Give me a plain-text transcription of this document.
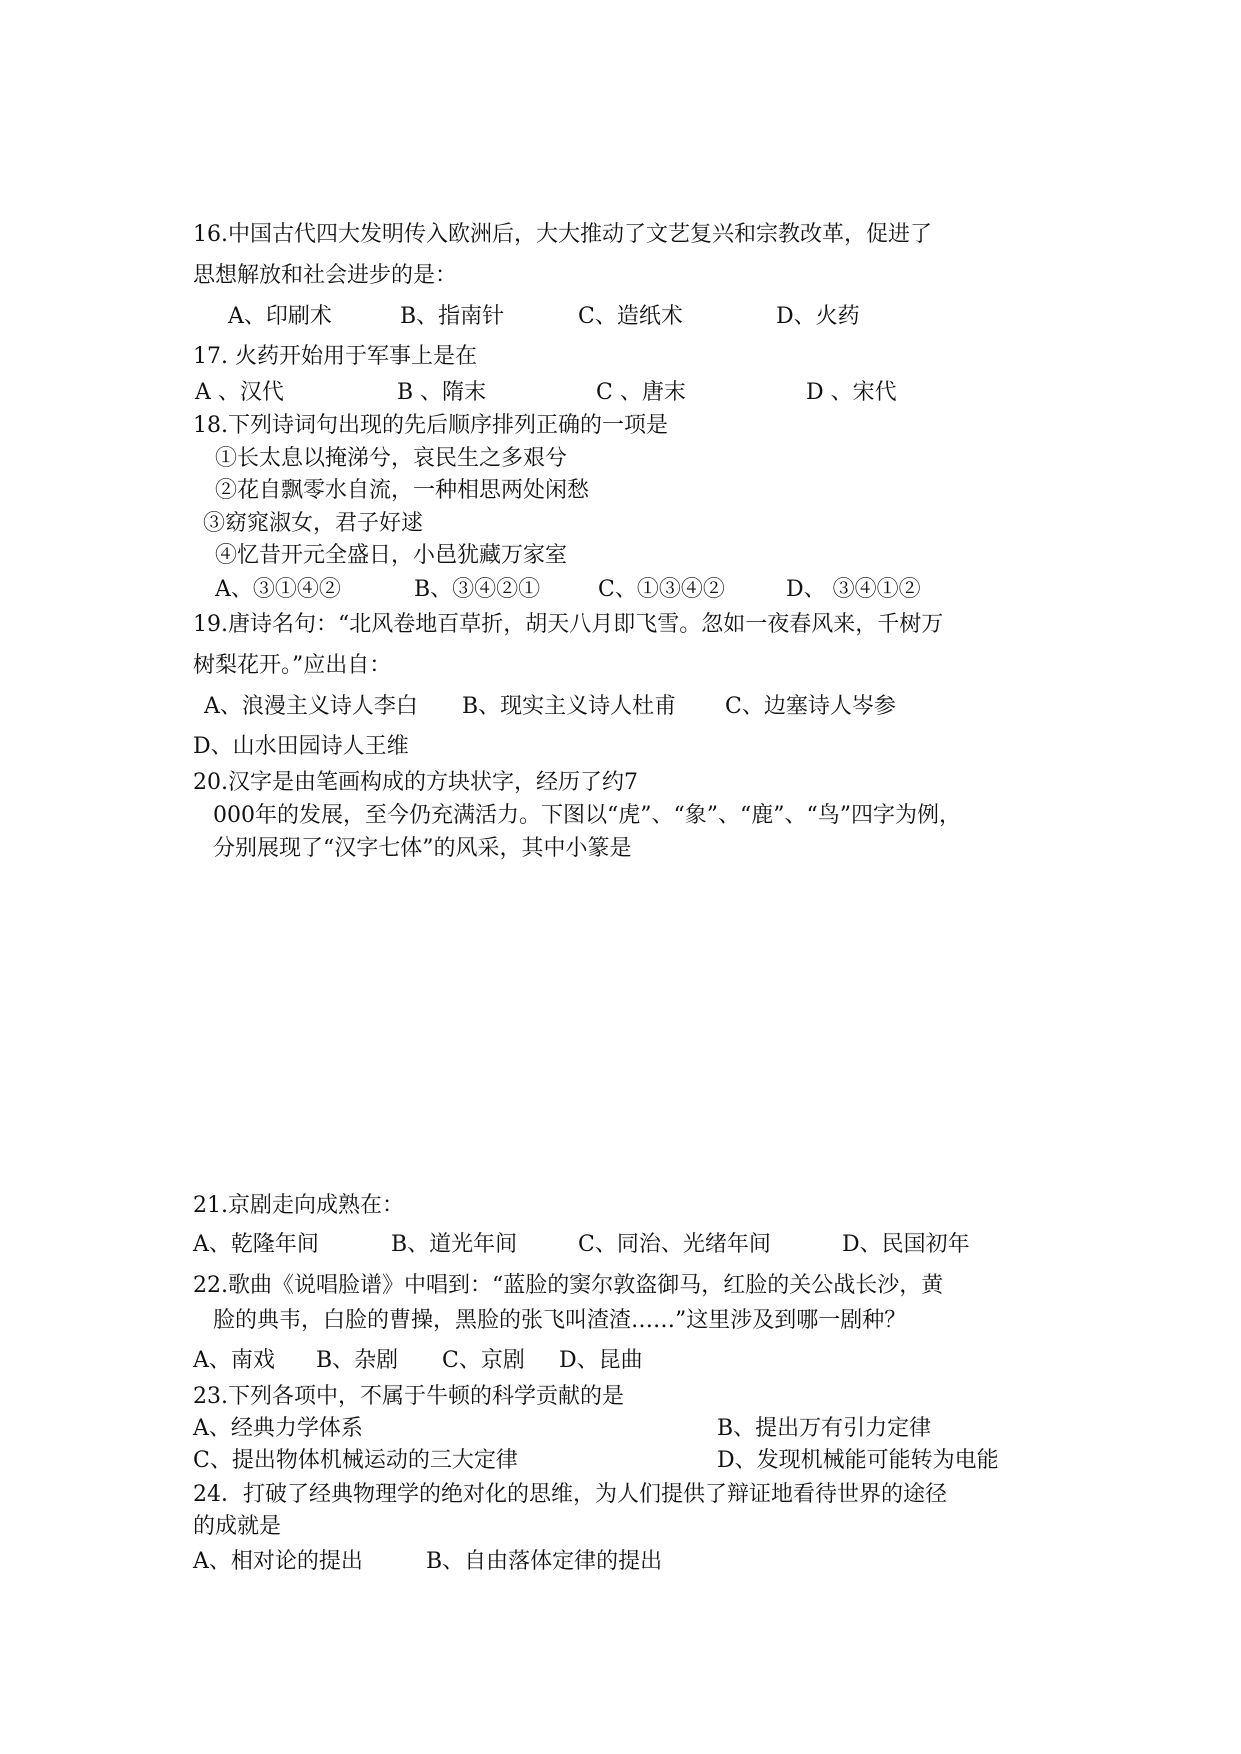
16.中国古代四大发明传入欧洲后，大大推动了文艺复兴和宗教改革，促进了
思想解放和社会进步的是：
A、印刷术	B、指南针	C、造纸术	D、火药
17. 火药开始用于军事上是在
A 、汉代	B 、隋末	C 、唐末	D 、宋代
18.下列诗词句出现的先后顺序排列正确的一项是
①长太息以掩涕兮，哀民生之多艰兮
②花自飘零水自流，一种相思两处闲愁
③窈窕淑女，君子好逑
④忆昔开元全盛日，小邑犹藏万家室
A、③①④②	B、③④②①	C、①③④②	D、 ③④①②
19.唐诗名句：“北风卷地百草折，胡天八月即飞雪。忽如一夜春风来，千树万
树梨花开。”应出自：
A、浪漫主义诗人李白 B、现实主义诗人杜甫 C、边塞诗人岑参
D、山水田园诗人王维
20.汉字是由笔画构成的方块状字，经历了约7
000年的发展，至今仍充满活力。下图以“虎”、“象”、“鹿”、“鸟”四字为例，
分别展现了“汉字七体”的风采，其中小篆是
21.京剧走向成熟在：
A、乾隆年间	B、道光年间	C、同治、光绪年间	D、民国初年
22.歌曲《说唱脸谱》中唱到：“蓝脸的窦尔敦盗御马，红脸的关公战长沙，黄
脸的典韦，白脸的曹操，黑脸的张飞叫渣渣……”这里涉及到哪一剧种？
A、南戏 B、杂剧 C、京剧 D、昆曲
23.下列各项中，不属于牛顿的科学贡献的是
A、经典力学体系	B、提出万有引力定律
C、提出物体机械运动的三大定律	D、发现机械能可能转为电能
24．打破了经典物理学的绝对化的思维，为人们提供了辩证地看待世界的途径
的成就是
A、相对论的提出	B、自由落体定律的提出
